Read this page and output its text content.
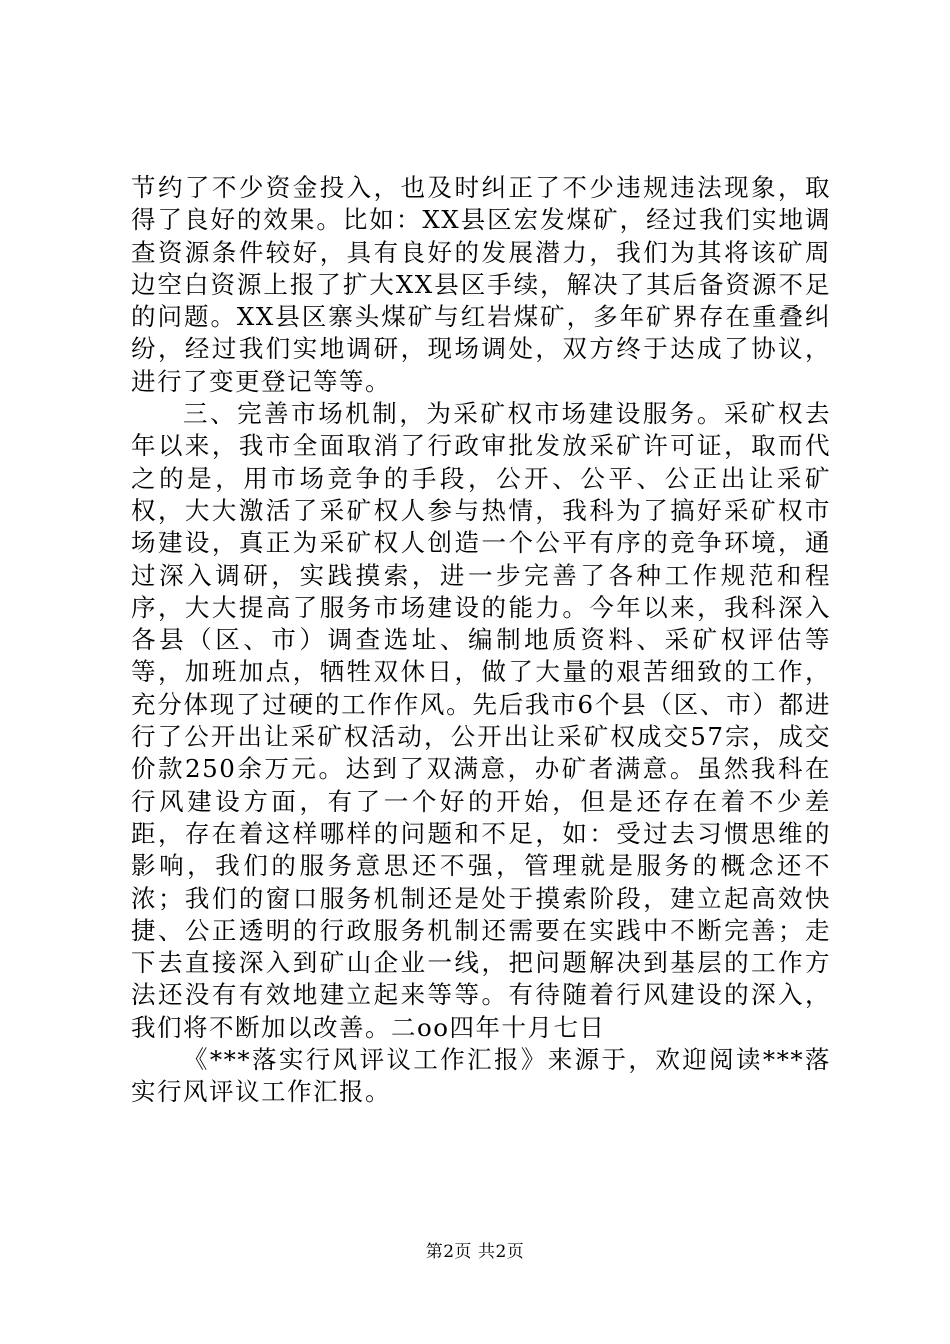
节约了不少资金投入，也及时纠正了不少违规违法现象，取得了良好的效果。比如：XX县区宏发煤矿，经过我们实地调查资源条件较好，具有良好的发展潜力，我们为其将该矿周边空白资源上报了扩大XX县区手续，解决了其后备资源不足的问题。XX县区寨头煤矿与红岩煤矿，多年矿界存在重叠纠纷，经过我们实地调研，现场调处，双方终于达成了协议，进行了变更登记等等。

三、完善市场机制，为采矿权市场建设服务。采矿权去年以来，我市全面取消了行政审批发放采矿许可证，取而代之的是，用市场竞争的手段，公开、公平、公正出让采矿权，大大激活了采矿权人参与热情，我科为了搞好采矿权市场建设，真正为采矿权人创造一个公平有序的竞争环境，通过深入调研，实践摸索，进一步完善了各种工作规范和程序，大大提高了服务市场建设的能力。今年以来，我科深入各县（区、市）调查选址、编制地质资料、采矿权评估等等，加班加点，牺牲双休日，做了大量的艰苦细致的工作，充分体现了过硬的工作作风。先后我市6个县（区、市）都进行了公开出让采矿权活动，公开出让采矿权成交57宗，成交价款250余万元。达到了双满意，办矿者满意。虽然我科在行风建设方面，有了一个好的开始，但是还存在着不少差距，存在着这样哪样的问题和不足，如：受过去习惯思维的影响，我们的服务意思还不强，管理就是服务的概念还不浓；我们的窗口服务机制还是处于摸索阶段，建立起高效快捷、公正透明的行政服务机制还需要在实践中不断完善；走下去直接深入到矿山企业一线，把问题解决到基层的工作方法还没有有效地建立起来等等。有待随着行风建设的深入，我们将不断加以改善。二oo四年十月七日

《***落实行风评议工作汇报》来源于，欢迎阅读***落实行风评议工作汇报。

第2页 共2页
